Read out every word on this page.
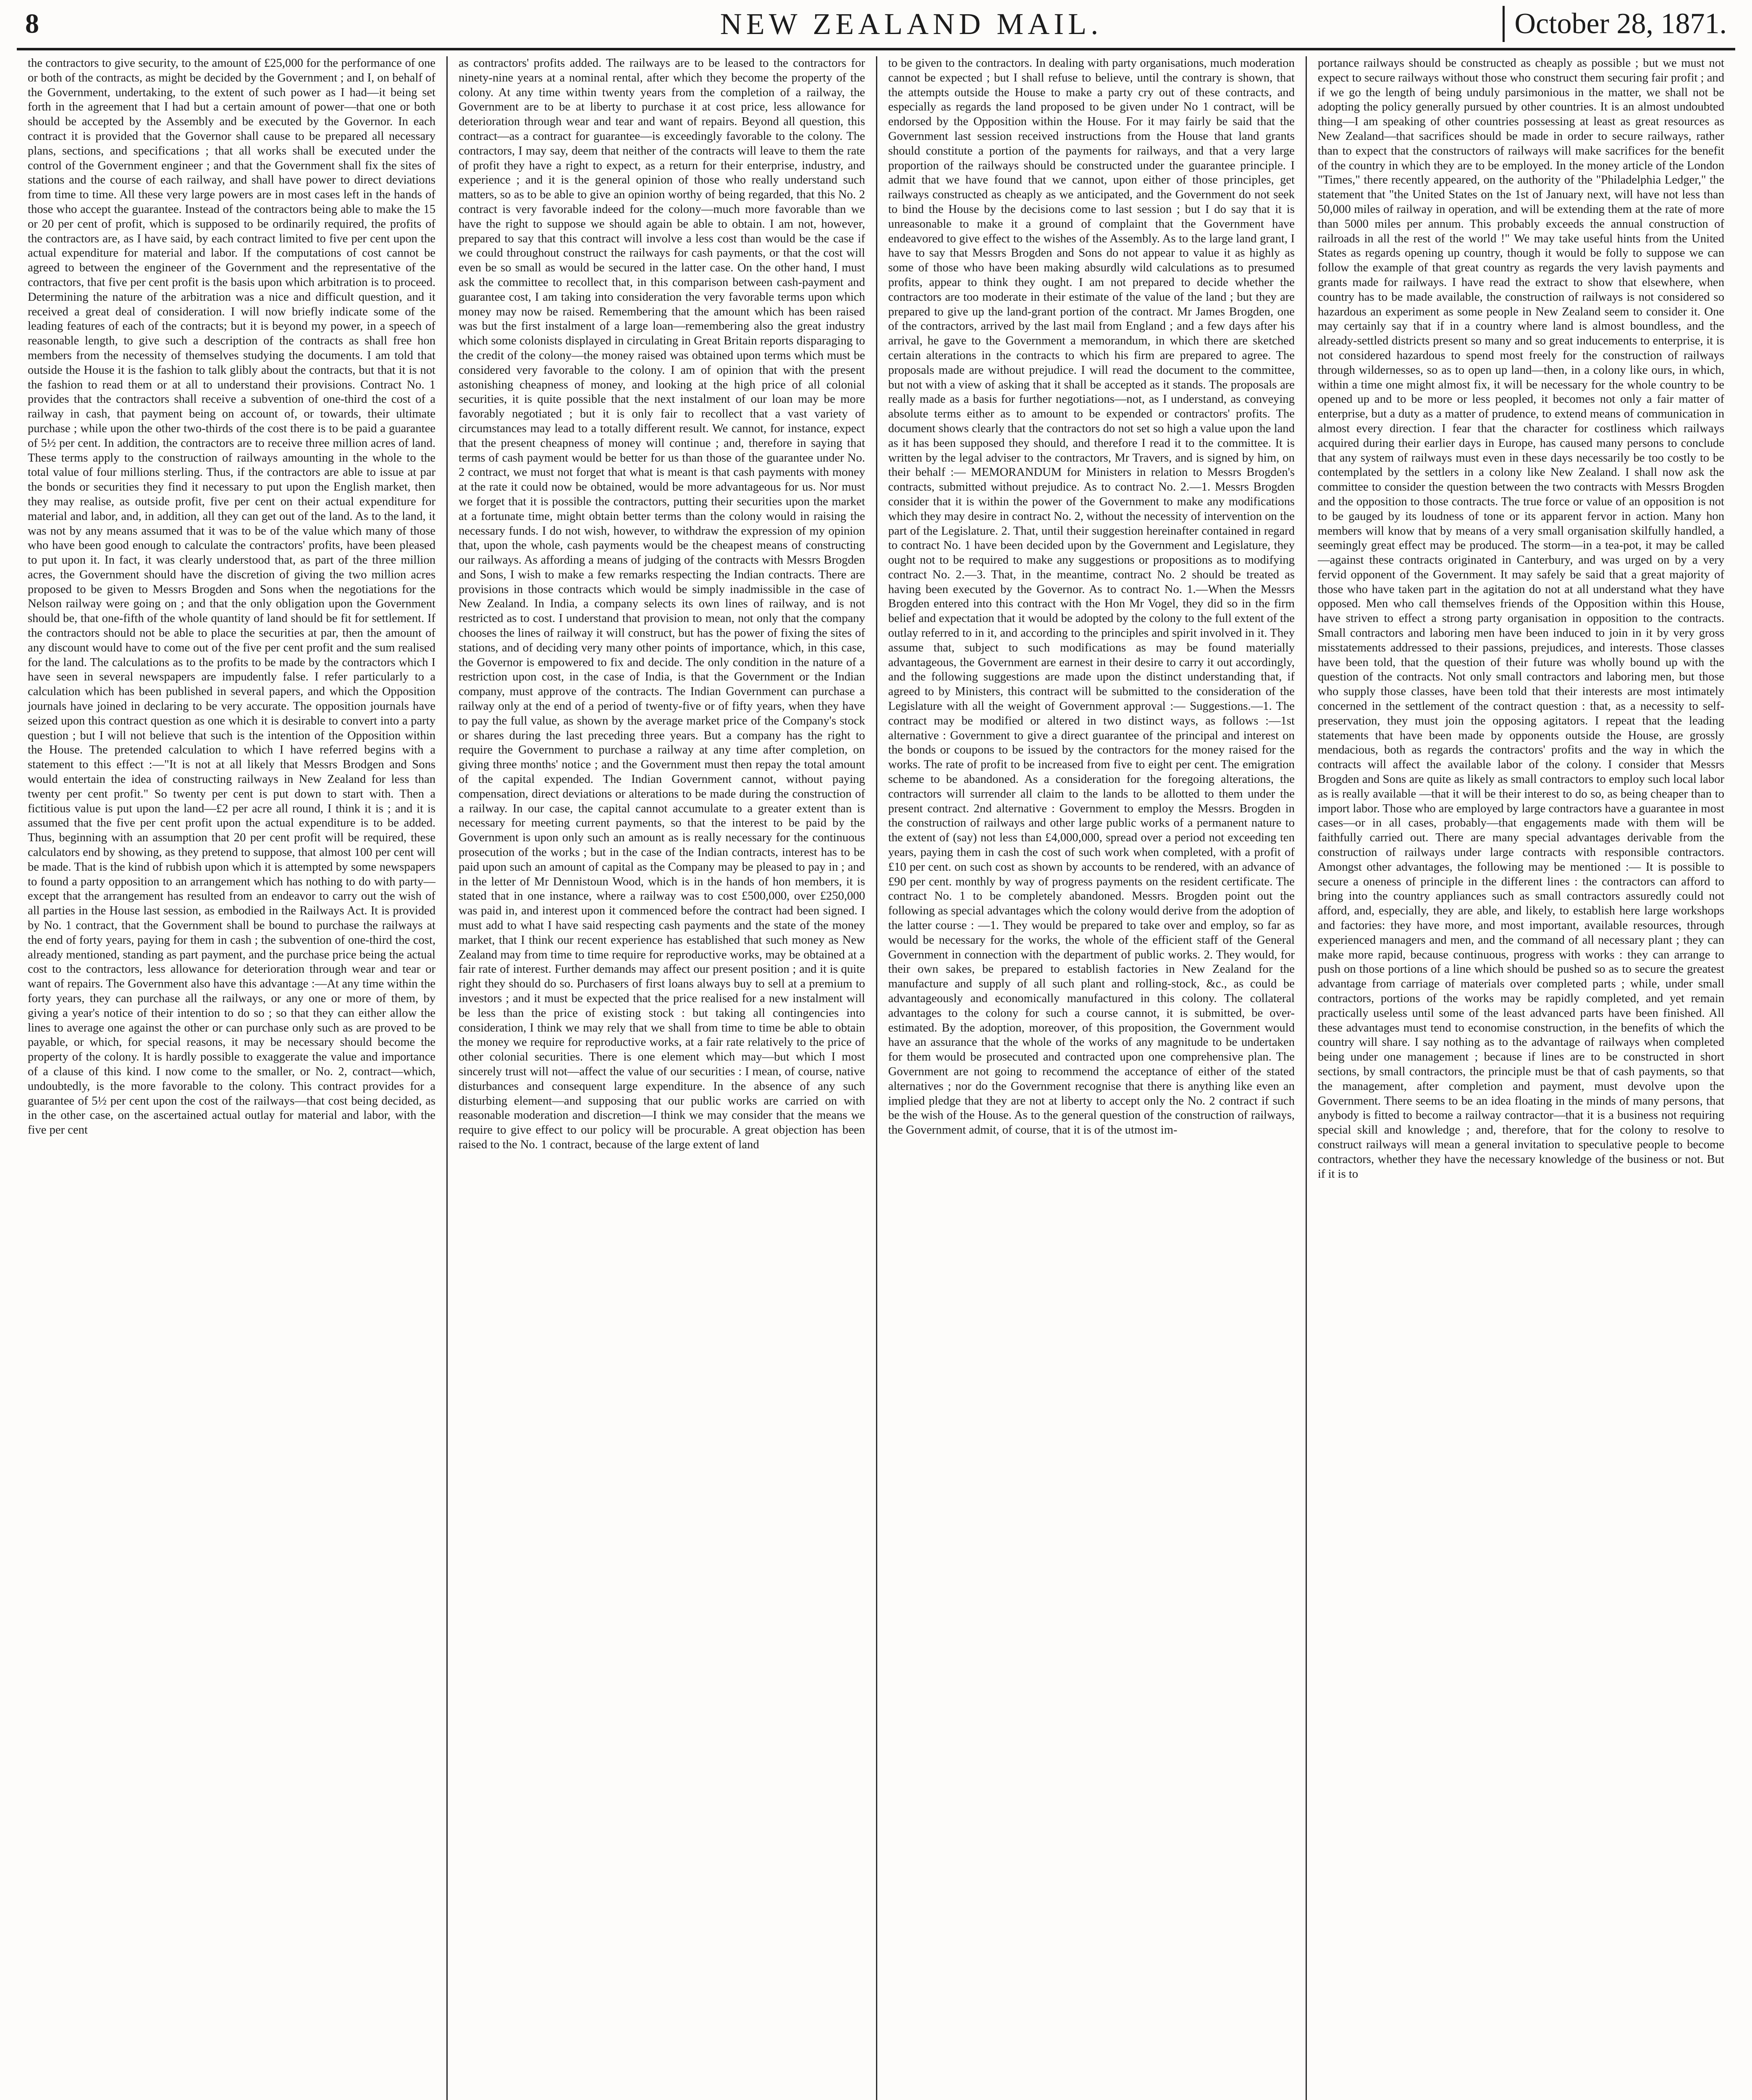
8	NEW ZEALAND MAIL.	October 28, 1871.

the contractors to give security, to the amount of £25,000 for the performance of one or both of the contracts, as might be decided by the Government ; and I, on behalf of the Government, undertaking, to the extent of such power as I had—it being set forth in the agreement that I had but a certain amount of power—that one or both should be accepted by the Assembly and be executed by the Governor. In each contract it is provided that the Governor shall cause to be prepared all necessary plans, sections, and specifications ; that all works shall be executed under the control of the Government engineer ; and that the Government shall fix the sites of stations and the course of each railway, and shall have power to direct deviations from time to time. All these very large powers are in most cases left in the hands of those who accept the guarantee. Instead of the contractors being able to make the 15 or 20 per cent of profit, which is supposed to be ordinarily required, the profits of the contractors are, as I have said, by each contract limited to five per cent upon the actual expenditure for material and labor. If the computations of cost cannot be agreed to between the engineer of the Government and the representative of the contractors, that five per cent profit is the basis upon which arbitration is to proceed. Determining the nature of the arbitration was a nice and difficult question, and it received a great deal of consideration. I will now briefly indicate some of the leading features of each of the contracts; but it is beyond my power, in a speech of reasonable length, to give such a description of the contracts as shall free hon members from the necessity of themselves studying the documents. I am told that outside the House it is the fashion to talk glibly about the contracts, but that it is not the fashion to read them or at all to understand their provisions. Contract No. 1 provides that the contractors shall receive a subvention of one-third the cost of a railway in cash, that payment being on account of, or towards, their ultimate purchase ; while upon the other two-thirds of the cost there is to be paid a guarantee of 5½ per cent. In addition, the contractors are to receive three million acres of land. These terms apply to the construction of railways amounting in the whole to the total value of four millions sterling. Thus, if the contractors are able to issue at par the bonds or securities they find it necessary to put upon the English market, then they may realise, as outside profit, five per cent on their actual expenditure for material and labor, and, in addition, all they can get out of the land. As to the land, it was not by any means assumed that it was to be of the value which many of those who have been good enough to calculate the contractors' profits, have been pleased to put upon it. In fact, it was clearly understood that, as part of the three million acres, the Government should have the discretion of giving the two million acres proposed to be given to Messrs Brogden and Sons when the negotiations for the Nelson railway were going on ; and that the only obligation upon the Government should be, that one-fifth of the whole quantity of land should be fit for settlement. If the contractors should not be able to place the securities at par, then the amount of any discount would have to come out of the five per cent profit and the sum realised for the land. The calculations as to the profits to be made by the contractors which I have seen in several newspapers are impudently false. I refer particularly to a calculation which has been published in several papers, and which the Opposition journals have joined in declaring to be very accurate. The opposition journals have seized upon this contract question as one which it is desirable to convert into a party question ; but I will not believe that such is the intention of the Opposition within the House. The pretended calculation to which I have referred begins with a statement to this effect :—"It is not at all likely that Messrs Brodgen and Sons would entertain the idea of constructing railways in New Zealand for less than twenty per cent profit." So twenty per cent is put down to start with. Then a fictitious value is put upon the land—£2 per acre all round, I think it is ; and it is assumed that the five per cent profit upon the actual expenditure is to be added. Thus, beginning with an assumption that 20 per cent profit will be required, these calculators end by showing, as they pretend to suppose, that almost 100 per cent will be made. That is the kind of rubbish upon which it is attempted by some newspapers to found a party opposition to an arrangement which has nothing to do with party—except that the arrangement has resulted from an endeavor to carry out the wish of all parties in the House last session, as embodied in the Railways Act. It is provided by No. 1 contract, that the Government shall be bound to purchase the railways at the end of forty years, paying for them in cash ; the subvention of one-third the cost, already mentioned, standing as part payment, and the purchase price being the actual cost to the contractors, less allowance for deterioration through wear and tear or want of repairs. The Government also have this advantage :—At any time within the forty years, they can purchase all the railways, or any one or more of them, by giving a year's notice of their intention to do so ; so that they can either allow the lines to average one against the other or can purchase only such as are proved to be payable, or which, for special reasons, it may be necessary should become the property of the colony. It is hardly possible to exaggerate the value and importance of a clause of this kind. I now come to the smaller, or No. 2, contract—which, undoubtedly, is the more favorable to the colony. This contract provides for a guarantee of 5½ per cent upon the cost of the railways—that cost being decided, as in the other case, on the ascertained actual outlay for material and labor, with the five per cent

as contractors' profits added. The railways are to be leased to the contractors for ninety-nine years at a nominal rental, after which they become the property of the colony. At any time within twenty years from the completion of a railway, the Government are to be at liberty to purchase it at cost price, less allowance for deterioration through wear and tear and want of repairs. Beyond all question, this contract—as a contract for guarantee—is exceedingly favorable to the colony. The contractors, I may say, deem that neither of the contracts will leave to them the rate of profit they have a right to expect, as a return for their enterprise, industry, and experience ; and it is the general opinion of those who really understand such matters, so as to be able to give an opinion worthy of being regarded, that this No. 2 contract is very favorable indeed for the colony—much more favorable than we have the right to suppose we should again be able to obtain. I am not, however, prepared to say that this contract will involve a less cost than would be the case if we could throughout construct the railways for cash payments, or that the cost will even be so small as would be secured in the latter case. On the other hand, I must ask the committee to recollect that, in this comparison between cash-payment and guarantee cost, I am taking into consideration the very favorable terms upon which money may now be raised. Remembering that the amount which has been raised was but the first instalment of a large loan—remembering also the great industry which some colonists displayed in circulating in Great Britain reports disparaging to the credit of the colony—the money raised was obtained upon terms which must be considered very favorable to the colony. I am of opinion that with the present astonishing cheapness of money, and looking at the high price of all colonial securities, it is quite possible that the next instalment of our loan may be more favorably negotiated ; but it is only fair to recollect that a vast variety of circumstances may lead to a totally different result. We cannot, for instance, expect that the present cheapness of money will continue ; and, therefore in saying that terms of cash payment would be better for us than those of the guarantee under No. 2 contract, we must not forget that what is meant is that cash payments with money at the rate it could now be obtained, would be more advantageous for us. Nor must we forget that it is possible the contractors, putting their securities upon the market at a fortunate time, might obtain better terms than the colony would in raising the necessary funds. I do not wish, however, to withdraw the expression of my opinion that, upon the whole, cash payments would be the cheapest means of constructing our railways. As affording a means of judging of the contracts with Messrs Brogden and Sons, I wish to make a few remarks respecting the Indian contracts. There are provisions in those contracts which would be simply inadmissible in the case of New Zealand. In India, a company selects its own lines of railway, and is not restricted as to cost. I understand that provision to mean, not only that the company chooses the lines of railway it will construct, but has the power of fixing the sites of stations, and of deciding very many other points of importance, which, in this case, the Governor is empowered to fix and decide. The only condition in the nature of a restriction upon cost, in the case of India, is that the Government or the Indian company, must approve of the contracts. The Indian Government can purchase a railway only at the end of a period of twenty-five or of fifty years, when they have to pay the full value, as shown by the average market price of the Company's stock or shares during the last preceding three years. But a company has the right to require the Government to purchase a railway at any time after completion, on giving three months' notice ; and the Government must then repay the total amount of the capital expended. The Indian Government cannot, without paying compensation, direct deviations or alterations to be made during the construction of a railway. In our case, the capital cannot accumulate to a greater extent than is necessary for meeting current payments, so that the interest to be paid by the Government is upon only such an amount as is really necessary for the continuous prosecution of the works ; but in the case of the Indian contracts, interest has to be paid upon such an amount of capital as the Company may be pleased to pay in ; and in the letter of Mr Dennistoun Wood, which is in the hands of hon members, it is stated that in one instance, where a railway was to cost £500,000, over £250,000 was paid in, and interest upon it commenced before the contract had been signed. I must add to what I have said respecting cash payments and the state of the money market, that I think our recent experience has established that such money as New Zealand may from time to time require for reproductive works, may be obtained at a fair rate of interest. Further demands may affect our present position ; and it is quite right they should do so. Purchasers of first loans always buy to sell at a premium to investors ; and it must be expected that the price realised for a new instalment will be less than the price of existing stock : but taking all contingencies into consideration, I think we may rely that we shall from time to time be able to obtain the money we require for reproductive works, at a fair rate relatively to the price of other colonial securities. There is one element which may—but which I most sincerely trust will not—affect the value of our securities : I mean, of course, native disturbances and consequent large expenditure. In the absence of any such disturbing element—and supposing that our public works are carried on with reasonable moderation and discretion—I think we may consider that the means we require to give effect to our policy will be procurable. A great objection has been raised to the No. 1 contract, because of the large extent of land

to be given to the contractors. In dealing with party organisations, much moderation cannot be expected ; but I shall refuse to believe, until the contrary is shown, that the attempts outside the House to make a party cry out of these contracts, and especially as regards the land proposed to be given under No 1 contract, will be endorsed by the Opposition within the House. For it may fairly be said that the Government last session received instructions from the House that land grants should constitute a portion of the payments for railways, and that a very large proportion of the railways should be constructed under the guarantee principle. I admit that we have found that we cannot, upon either of those principles, get railways constructed as cheaply as we anticipated, and the Government do not seek to bind the House by the decisions come to last session ; but I do say that it is unreasonable to make it a ground of complaint that the Government have endeavored to give effect to the wishes of the Assembly. As to the large land grant, I have to say that Messrs Brogden and Sons do not appear to value it as highly as some of those who have been making absurdly wild calculations as to presumed profits, appear to think they ought. I am not prepared to decide whether the contractors are too moderate in their estimate of the value of the land ; but they are prepared to give up the land-grant portion of the contract. Mr James Brogden, one of the contractors, arrived by the last mail from England ; and a few days after his arrival, he gave to the Government a memorandum, in which there are sketched certain alterations in the contracts to which his firm are prepared to agree. The proposals made are without prejudice. I will read the document to the committee, but not with a view of asking that it shall be accepted as it stands. The proposals are really made as a basis for further negotiations—not, as I understand, as conveying absolute terms either as to amount to be expended or contractors' profits. The document shows clearly that the contractors do not set so high a value upon the land as it has been supposed they should, and therefore I read it to the committee. It is written by the legal adviser to the contractors, Mr Travers, and is signed by him, on their behalf :— MEMORANDUM for Ministers in relation to Messrs Brogden's contracts, submitted without prejudice. As to contract No. 2.—1. Messrs Brogden consider that it is within the power of the Government to make any modifications which they may desire in contract No. 2, without the necessity of intervention on the part of the Legislature. 2. That, until their suggestion hereinafter contained in regard to contract No. 1 have been decided upon by the Government and Legislature, they ought not to be required to make any suggestions or propositions as to modifying contract No. 2.—3. That, in the meantime, contract No. 2 should be treated as having been executed by the Governor. As to contract No. 1.—When the Messrs Brogden entered into this contract with the Hon Mr Vogel, they did so in the firm belief and expectation that it would be adopted by the colony to the full extent of the outlay referred to in it, and according to the principles and spirit involved in it. They assume that, subject to such modifications as may be found materially advantageous, the Government are earnest in their desire to carry it out accordingly, and the following suggestions are made upon the distinct understanding that, if agreed to by Ministers, this contract will be submitted to the consideration of the Legislature with all the weight of Government approval :— Suggestions.—1. The contract may be modified or altered in two distinct ways, as follows :—1st alternative : Government to give a direct guarantee of the principal and interest on the bonds or coupons to be issued by the contractors for the money raised for the works. The rate of profit to be increased from five to eight per cent. The emigration scheme to be abandoned. As a consideration for the foregoing alterations, the contractors will surrender all claim to the lands to be allotted to them under the present contract. 2nd alternative : Government to employ the Messrs. Brogden in the construction of railways and other large public works of a permanent nature to the extent of (say) not less than £4,000,000, spread over a period not exceeding ten years, paying them in cash the cost of such work when completed, with a profit of £10 per cent. on such cost as shown by accounts to be rendered, with an advance of £90 per cent. monthly by way of progress payments on the resident certificate. The contract No. 1 to be completely abandoned. Messrs. Brogden point out the following as special advantages which the colony would derive from the adoption of the latter course : —1. They would be prepared to take over and employ, so far as would be necessary for the works, the whole of the efficient staff of the General Government in connection with the department of public works. 2. They would, for their own sakes, be prepared to establish factories in New Zealand for the manufacture and supply of all such plant and rolling-stock, &c., as could be advantageously and economically manufactured in this colony. The collateral advantages to the colony for such a course cannot, it is submitted, be over-estimated. By the adoption, moreover, of this proposition, the Government would have an assurance that the whole of the works of any magnitude to be undertaken for them would be prosecuted and contracted upon one comprehensive plan. The Government are not going to recommend the acceptance of either of the stated alternatives ; nor do the Government recognise that there is anything like even an implied pledge that they are not at liberty to accept only the No. 2 contract if such be the wish of the House. As to the general question of the construction of railways, the Government admit, of course, that it is of the utmost im-

portance railways should be constructed as cheaply as possible ; but we must not expect to secure railways without those who construct them securing fair profit ; and if we go the length of being unduly parsimonious in the matter, we shall not be adopting the policy generally pursued by other countries. It is an almost undoubted thing—I am speaking of other countries possessing at least as great resources as New Zealand—that sacrifices should be made in order to secure railways, rather than to expect that the constructors of railways will make sacrifices for the benefit of the country in which they are to be employed. In the money article of the London "Times," there recently appeared, on the authority of the "Philadelphia Ledger," the statement that "the United States on the 1st of January next, will have not less than 50,000 miles of railway in operation, and will be extending them at the rate of more than 5000 miles per annum. This probably exceeds the annual construction of railroads in all the rest of the world !" We may take useful hints from the United States as regards opening up country, though it would be folly to suppose we can follow the example of that great country as regards the very lavish payments and grants made for railways. I have read the extract to show that elsewhere, when country has to be made available, the construction of railways is not considered so hazardous an experiment as some people in New Zealand seem to consider it. One may certainly say that if in a country where land is almost boundless, and the already-settled districts present so many and so great inducements to enterprise, it is not considered hazardous to spend most freely for the construction of railways through wildernesses, so as to open up land—then, in a colony like ours, in which, within a time one might almost fix, it will be necessary for the whole country to be opened up and to be more or less peopled, it becomes not only a fair matter of enterprise, but a duty as a matter of prudence, to extend means of communication in almost every direction. I fear that the character for costliness which railways acquired during their earlier days in Europe, has caused many persons to conclude that any system of railways must even in these days necessarily be too costly to be contemplated by the settlers in a colony like New Zealand. I shall now ask the committee to consider the question between the two contracts with Messrs Brogden and the opposition to those contracts. The true force or value of an opposition is not to be gauged by its loudness of tone or its apparent fervor in action. Many hon members will know that by means of a very small organisation skilfully handled, a seemingly great effect may be produced. The storm—in a tea-pot, it may be called—against these contracts originated in Canterbury, and was urged on by a very fervid opponent of the Government. It may safely be said that a great majority of those who have taken part in the agitation do not at all understand what they have opposed. Men who call themselves friends of the Opposition within this House, have striven to effect a strong party organisation in opposition to the contracts. Small contractors and laboring men have been induced to join in it by very gross misstatements addressed to their passions, prejudices, and interests. Those classes have been told, that the question of their future was wholly bound up with the question of the contracts. Not only small contractors and laboring men, but those who supply those classes, have been told that their interests are most intimately concerned in the settlement of the contract question : that, as a necessity to self-preservation, they must join the opposing agitators. I repeat that the leading statements that have been made by opponents outside the House, are grossly mendacious, both as regards the contractors' profits and the way in which the contracts will affect the available labor of the colony. I consider that Messrs Brogden and Sons are quite as likely as small contractors to employ such local labor as is really available —that it will be their interest to do so, as being cheaper than to import labor. Those who are employed by large contractors have a guarantee in most cases—or in all cases, probably—that engagements made with them will be faithfully carried out. There are many special advantages derivable from the construction of railways under large contracts with responsible contractors. Amongst other advantages, the following may be mentioned :— It is possible to secure a oneness of principle in the different lines : the contractors can afford to bring into the country appliances such as small contractors assuredly could not afford, and, especially, they are able, and likely, to establish here large workshops and factories: they have more, and most important, available resources, through experienced managers and men, and the command of all necessary plant ; they can make more rapid, because continuous, progress with works : they can arrange to push on those portions of a line which should be pushed so as to secure the greatest advantage from carriage of materials over completed parts ; while, under small contractors, portions of the works may be rapidly completed, and yet remain practically useless until some of the least advanced parts have been finished. All these advantages must tend to economise construction, in the benefits of which the country will share. I say nothing as to the advantage of railways when completed being under one management ; because if lines are to be constructed in short sections, by small contractors, the principle must be that of cash payments, so that the management, after completion and payment, must devolve upon the Government. There seems to be an idea floating in the minds of many persons, that anybody is fitted to become a railway contractor—that it is a business not requiring special skill and knowledge ; and, therefore, that for the colony to resolve to construct railways will mean a general invitation to speculative people to become contractors, whether they have the necessary knowledge of the business or not. But if it is to
